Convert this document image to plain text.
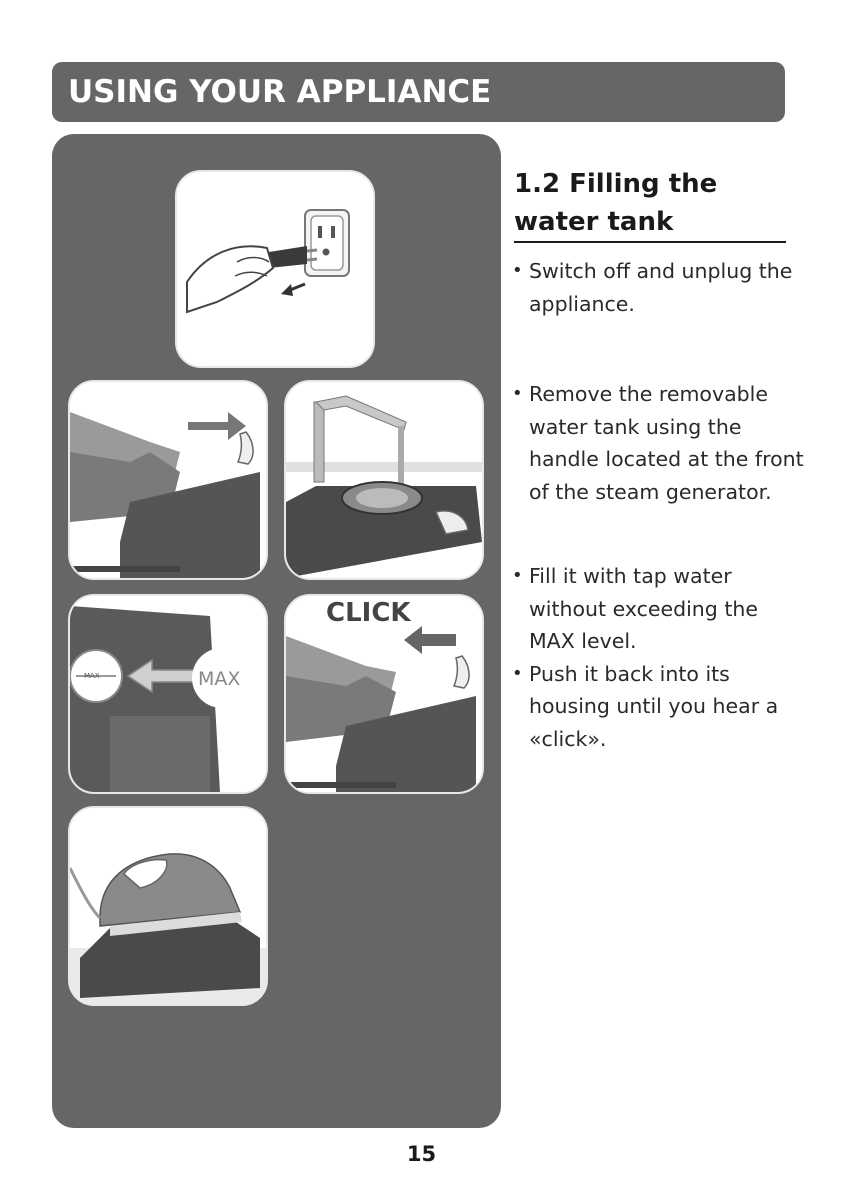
USING YOUR APPLIANCE
MAX	MAX
CLICK
1.2 Filling the water tank
• Switch off and unplug the appliance.
• Remove the removable water tank using the handle located at the front of the steam generator.
• Fill it with tap water without exceeding the MAX level.
• Push it back into its housing until you hear a «click».
15
